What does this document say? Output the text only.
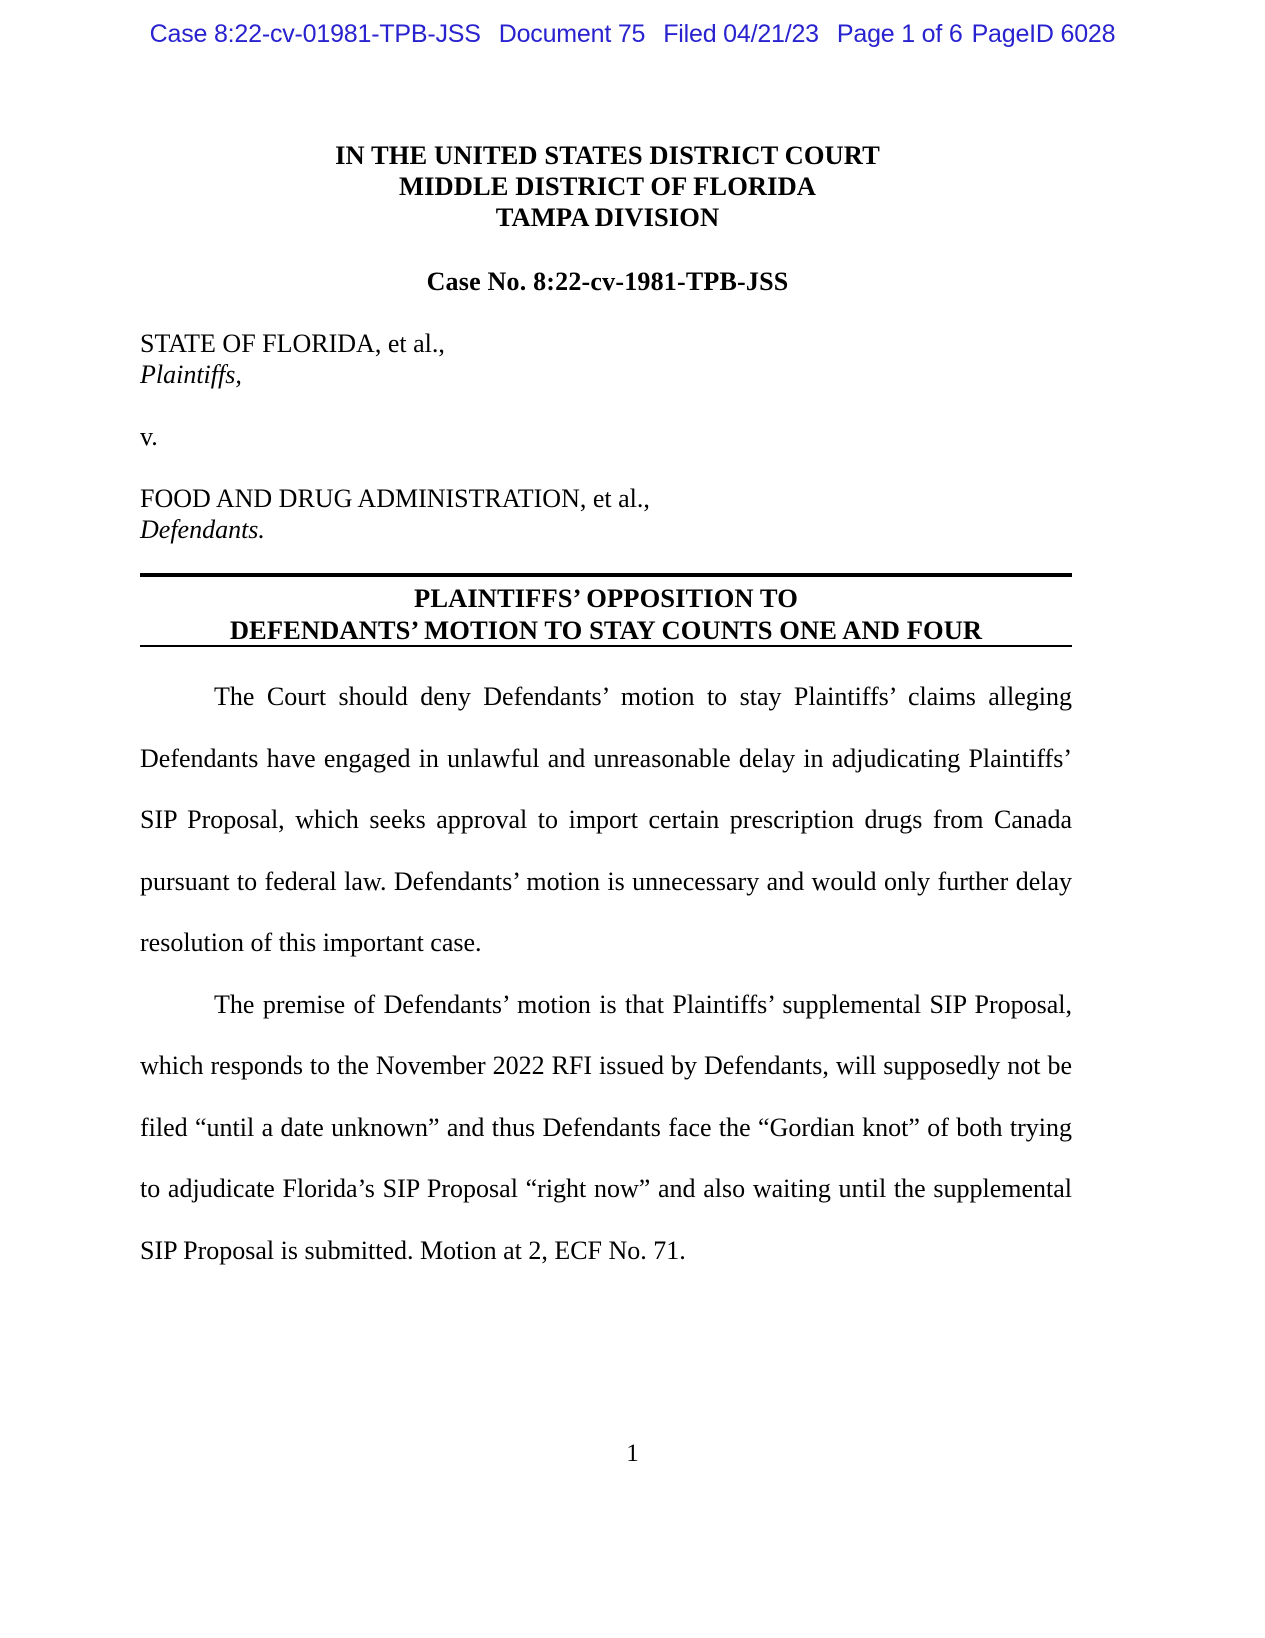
Case 8:22-cv-01981-TPB-JSS Document 75 Filed 04/21/23 Page 1 of 6 PageID 6028
IN THE UNITED STATES DISTRICT COURT
MIDDLE DISTRICT OF FLORIDA
TAMPA DIVISION
Case No. 8:22-cv-1981-TPB-JSS
STATE OF FLORIDA, et al.,
Plaintiffs,
v.
FOOD AND DRUG ADMINISTRATION, et al.,
Defendants.
PLAINTIFFS’ OPPOSITION TO
DEFENDANTS’ MOTION TO STAY COUNTS ONE AND FOUR

The Court should deny Defendants’ motion to stay Plaintiffs’ claims alleging Defendants have engaged in unlawful and unreasonable delay in adjudicating Plaintiffs’ SIP Proposal, which seeks approval to import certain prescription drugs from Canada pursuant to federal law. Defendants’ motion is unnecessary and would only further delay resolution of this important case.

The premise of Defendants’ motion is that Plaintiffs’ supplemental SIP Proposal, which responds to the November 2022 RFI issued by Defendants, will supposedly not be filed “until a date unknown” and thus Defendants face the “Gordian knot” of both trying to adjudicate Florida’s SIP Proposal “right now” and also waiting until the supplemental SIP Proposal is submitted. Motion at 2, ECF No. 71.

1
